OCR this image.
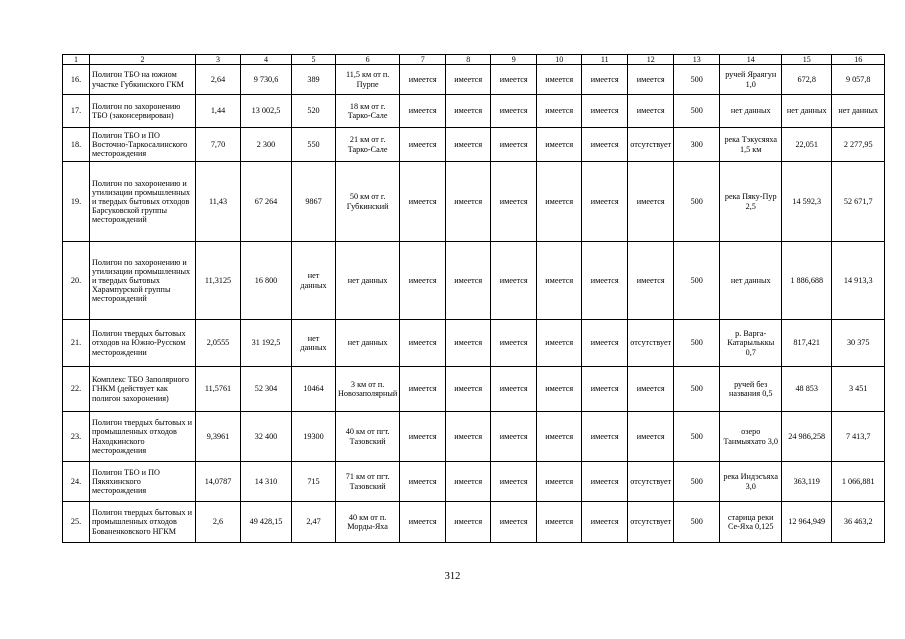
1	2	3	4	5	6	7	8	9	10	11	12	13	14	15	16
16.	Полигон ТБО на южном участке Губкинского ГКМ	2,64	9 730,6	389	11,5 км от п. Пурпе	имеется	имеется	имеется	имеется	имеется	имеется	500	ручей Яраягун 1,0	672,8	9 057,8
17.	Полигон по захоронению ТБО (законсервирован)	1,44	13 002,5	520	18 км от г. Тарко-Сале	имеется	имеется	имеется	имеется	имеется	имеется	500	нет данных	нет данных	нет данных
18.	Полигон ТБО и ПО Восточно-Таркосалинского месторождения	7,70	2 300	550	21 км от г. Тарко-Сале	имеется	имеется	имеется	имеется	имеется	отсутствует	300	река Тэкусяяха 1,5 км	22,051	2 277,95
19.	Полигон по захоронению и утилизации промышленных и твердых бытовых отходов Барсуковской группы месторождений	11,43	67 264	9867	50 км от г. Губкинский	имеется	имеется	имеется	имеется	имеется	имеется	500	река Пяку-Пур 2,5	14 592,3	52 671,7
20.	Полигон по захоронению и утилизации промышленных и твердых бытовых Харампурской группы месторождений	11,3125	16 800	нет данных	нет данных	имеется	имеется	имеется	имеется	имеется	имеется	500	нет данных	1 886,688	14 913,3
21.	Полигон твердых бытовых отходов на Южно-Русском месторождении	2,0555	31 192,5	нет данных	нет данных	имеется	имеется	имеется	имеется	имеется	отсутствует	500	р. Варга-Катарыльккы 0,7	817,421	30 375
22.	Комплекс ТБО Заполярного ГНКМ (действует как полигон захоронения)	11,5761	52 304	10464	3 км от п. Новозаполярный	имеется	имеется	имеется	имеется	имеется	имеется	500	ручей без названия 0,5	48 853	3 451
23.	Полигон твердых бытовых и промышленных отходов Находкинского месторождения	9,3961	32 400	19300	40 км от пгт. Тазовский	имеется	имеется	имеется	имеется	имеется	имеется	500	озеро Танмыяхато 3,0	24 986,258	7 413,7
24.	Полигон ТБО и ПО Пякяхинского месторождения	14,0787	14 310	715	71 км от пгт. Тазовский	имеется	имеется	имеется	имеется	имеется	отсутствует	500	река Индэсъяха 3,0	363,119	1 066,881
25.	Полигон твердых бытовых и промышленных отходов Бованенковского НГКМ	2,6	49 428,15	2,47	40 км от п. Морды-Яха	имеется	имеется	имеется	имеется	имеется	отсутствует	500	старица реки Се-Яха 0,125	12 964,949	36 463,2
312
